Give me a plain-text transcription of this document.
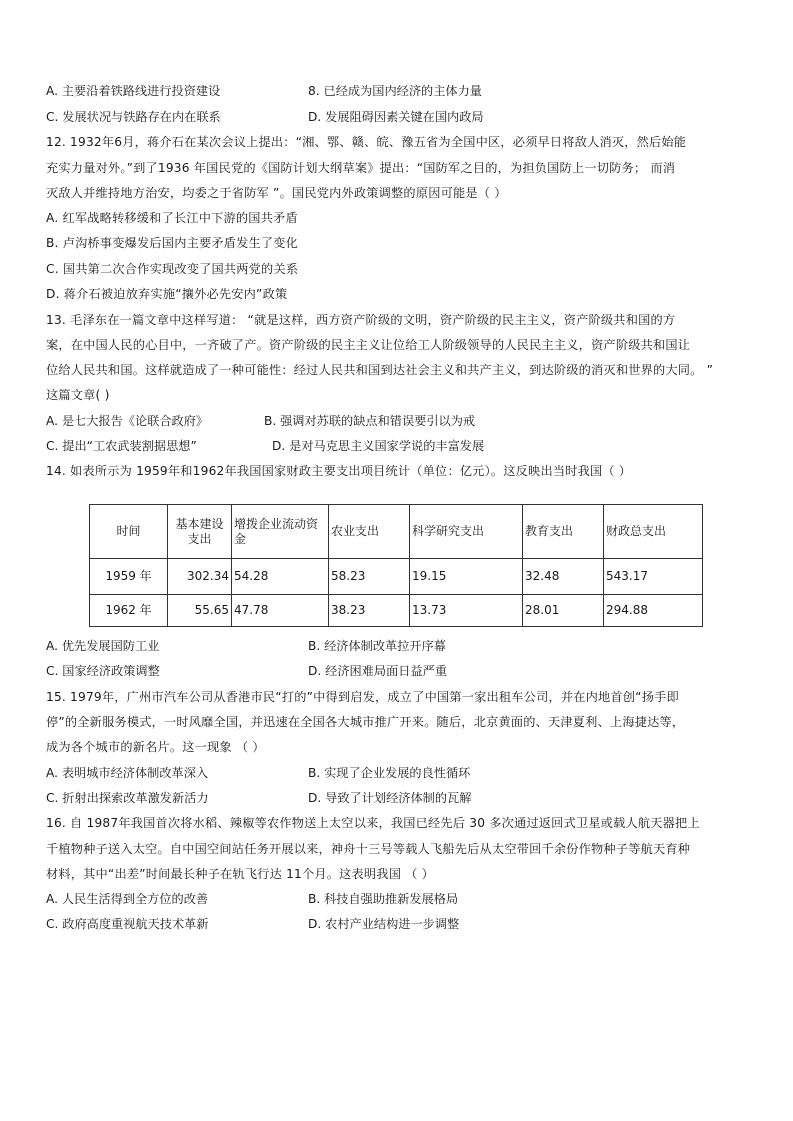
A. 主要沿着铁路线进行投资建设	8. 已经成为国内经济的主体力量
C. 发展状况与铁路存在内在联系	D. 发展阻碍因素关键在国内政局
12. 1932年6月，蒋介石在某次会议上提出：“湘、鄂、赣、皖、豫五省为全国中区，必须早日将敌人消灭，然后始能
充实力量对外。”到了1936 年国民党的《国防计划大纲草案》提出：“国防军之目的，为担负国防上一切防务； 而消
灭敌人并维持地方治安，均委之于省防军 ”。国民党内外政策调整的原因可能是（ ）
A. 红军战略转移缓和了长江中下游的国共矛盾
B. 卢沟桥事变爆发后国内主要矛盾发生了变化
C. 国共第二次合作实现改变了国共两党的关系
D. 蒋介石被迫放弃实施“攘外必先安内”政策
13. 毛泽东在一篇文章中这样写道： “就是这样，西方资产阶级的文明，资产阶级的民主主义，资产阶级共和国的方
案，在中国人民的心目中，一齐破了产。资产阶级的民主主义让位给工人阶级领导的人民民主主义，资产阶级共和国让
位给人民共和国。这样就造成了一种可能性：经过人民共和国到达社会主义和共产主义，到达阶级的消灭和世界的大同。 ”
这篇文章( )
A. 是七大报告《论联合政府》	B. 强调对苏联的缺点和错误要引以为戒
C. 提出“工农武装割据思想”	D. 是对马克思主义国家学说的丰富发展
14. 如表所示为 1959年和1962年我国国家财政主要支出项目统计（单位：亿元）。这反映出当时我国（ ）
时间	基本建设支出	增拨企业流动资金	农业支出	科学研究支出	教育支出	财政总支出
1959 年	302.34	54.28	58.23	19.15	32.48	543.17
1962 年	55.65	47.78	38.23	13.73	28.01	294.88
A. 优先发展国防工业	B. 经济体制改革拉开序幕
C. 国家经济政策调整	D. 经济困难局面日益严重
15. 1979年，广州市汽车公司从香港市民“打的”中得到启发，成立了中国第一家出租车公司，并在内地首创“扬手即
停”的全新服务模式，一时风靡全国，并迅速在全国各大城市推广开来。随后，北京黄面的、天津夏利、上海捷达等，
成为各个城市的新名片。这一现象 （ ）
A. 表明城市经济体制改革深入	B. 实现了企业发展的良性循环
C. 折射出探索改革激发新活力	D. 导致了计划经济体制的瓦解
16. 自 1987年我国首次将水稻、辣椒等农作物送上太空以来，我国已经先后 30 多次通过返回式卫星或载人航天器把上
千植物种子送入太空。自中国空间站任务开展以来，神舟十三号等载人飞船先后从太空带回千余份作物种子等航天育种
材料，其中“出差”时间最长种子在轨飞行达 11个月。这表明我国 （ ）
A. 人民生活得到全方位的改善	B. 科技自强助推新发展格局
C. 政府高度重视航天技术革新	D. 农村产业结构进一步调整
